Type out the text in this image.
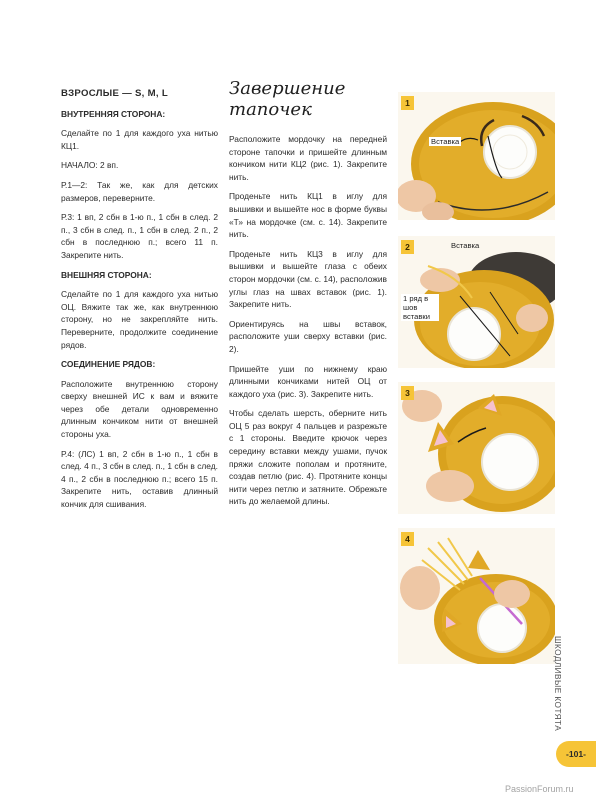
ВЗРОСЛЫЕ — S, M, L
ВНУТРЕННЯЯ СТОРОНА:

Сделайте по 1 для каждого уха нитью КЦ1.

НАЧАЛО: 2 вп.

Р.1—2: Так же, как для детских размеров, переверните.

Р.3: 1 вп, 2 сбн в 1-ю п., 1 сбн в след. 2 п., 3 сбн в след. п., 1 сбн в след. 2 п., 2 сбн в последнюю п.; всего 11 п. Закрепите нить.

ВНЕШНЯЯ СТОРОНА:

Сделайте по 1 для каждого уха нитью ОЦ. Вяжите так же, как внутреннюю сторону, но не закрепляйте нить. Переверните, продолжите соединение рядов.

СОЕДИНЕНИЕ РЯДОВ:

Расположите внутреннюю сторону сверху внешней ИС к вам и вяжите через обе детали одновременно длинным кончиком нити от внешней стороны уха.

Р.4: (ЛС) 1 вп, 2 сбн в 1-ю п., 1 сбн в след. 4 п., 3 сбн в след. п., 1 сбн в след. 4 п., 2 сбн в последнюю п.; всего 15 п. Закрепите нить, оставив длинный кончик для сшивания.

Завершение
тапочек

Расположите мордочку на передней стороне тапочки и пришейте длинным кончиком нити КЦ2 (рис. 1). Закрепите нить.

Проденьте нить КЦ1 в иглу для вышивки и вышейте нос в форме буквы «Т» на мордочке (см. с. 14). Закрепите нить.

Проденьте нить КЦ3 в иглу для вышивки и вышейте глаза с обеих сторон мордочки (см. с. 14), расположив углы глаз на швах вставок (рис. 1). Закрепите нить.

Ориентируясь на швы вставок, расположите уши сверху вставки (рис. 2).

Пришейте уши по нижнему краю длинными кончиками нитей ОЦ от каждого уха (рис. 3). Закрепите нить.

Чтобы сделать шерсть, оберните нить ОЦ 5 раз вокруг 4 пальцев и разрежьте с 1 стороны. Введите крючок через середину вставки между ушами, пучок пряжи сложите пополам и протяните, создав петлю (рис. 4). Протяните концы нити через петлю и затяните. Обрежьте нить до желаемой длины.

1
Вставка
2	Вставка
1 ряд в шов вставки
3
4
ШКОДЛИВЫЕ КОТЯТА
-101-
PassionForum.ru
